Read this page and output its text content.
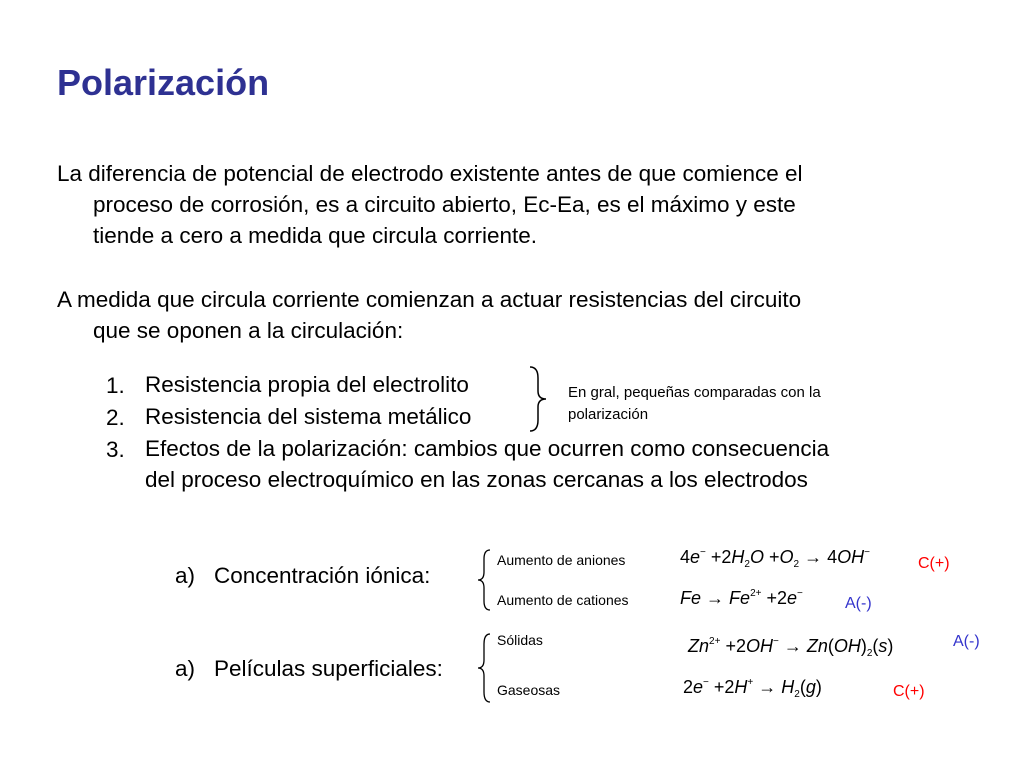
Polarización
La diferencia de potencial de electrodo existente antes de que comience el
proceso de corrosión, es a circuito abierto, Ec-Ea, es el máximo y este
tiende a cero a medida que circula corriente.
A medida que circula corriente comienzan a actuar resistencias del circuito
que se oponen a la circulación:
1. Resistencia propia del electrolito
2. Resistencia del sistema metálico
3. Efectos de la polarización: cambios que ocurren como consecuencia
del proceso electroquímico en las zonas cercanas a los electrodos
En gral, pequeñas comparadas con la
polarización
a) Concentración iónica:
Aumento de aniones
Aumento de cationes
$4e^- +2H_2O +O_2 \to 4OH^-$
C(+)
$Fe \to Fe^{2+} +2e^-$
A(-)
a) Películas superficiales:
Sólidas
Gaseosas
$Zn^{2+} +2OH^- \to Zn(OH)_2(s)$	A(-)
$2e^- +2H^+ \to H_2(g)$	C(+)
